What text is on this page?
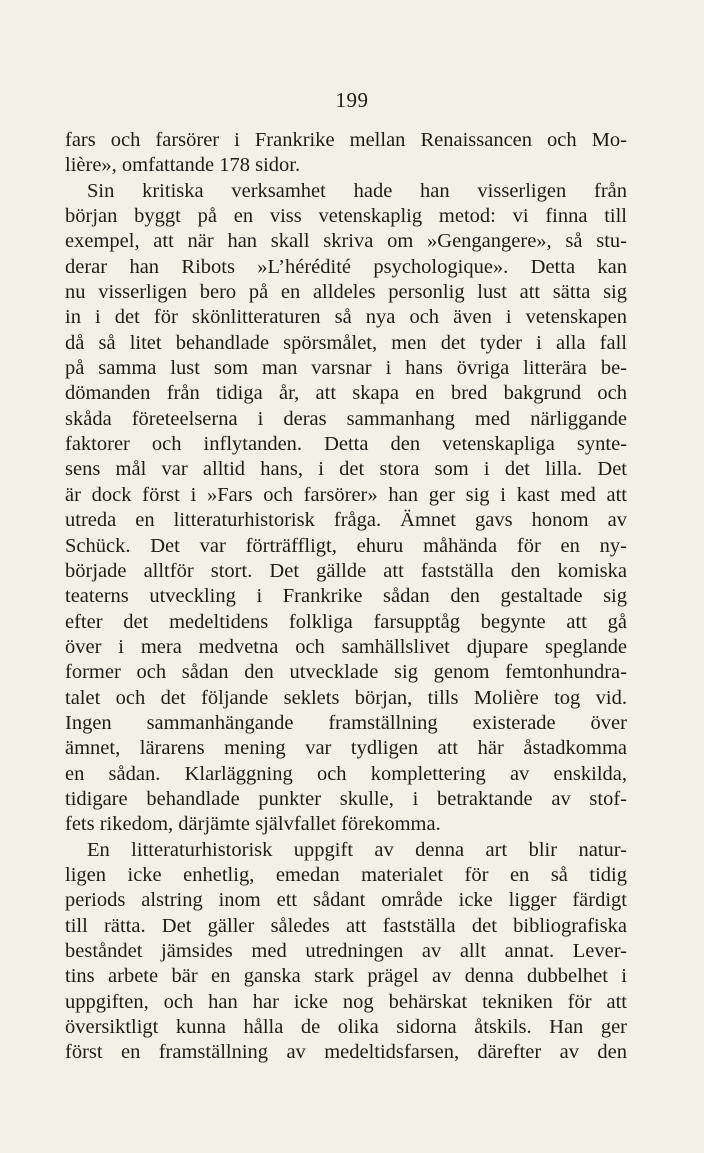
199
fars och farsörer i Frankrike mellan Renaissancen och Mo-
lière», omfattande 178 sidor.
Sin kritiska verksamhet hade han visserligen från
början byggt på en viss vetenskaplig metod: vi finna till
exempel, att när han skall skriva om »Gengangere», så stu-
derar han Ribots »L’hérédité psychologique». Detta kan
nu visserligen bero på en alldeles personlig lust att sätta sig
in i det för skönlitteraturen så nya och även i vetenskapen
då så litet behandlade spörsmålet, men det tyder i alla fall
på samma lust som man varsnar i hans övriga litterära be-
dömanden från tidiga år, att skapa en bred bakgrund och
skåda företeelserna i deras sammanhang med närliggande
faktorer och inflytanden. Detta den vetenskapliga synte-
sens mål var alltid hans, i det stora som i det lilla. Det
är dock först i »Fars och farsörer» han ger sig i kast med att
utreda en litteraturhistorisk fråga. Ämnet gavs honom av
Schück. Det var förträffligt, ehuru måhända för en ny-
började alltför stort. Det gällde att fastställa den komiska
teaterns utveckling i Frankrike sådan den gestaltade sig
efter det medeltidens folkliga farsupptåg begynte att gå
över i mera medvetna och samhällslivet djupare speglande
former och sådan den utvecklade sig genom femtonhundra-
talet och det följande seklets början, tills Molière tog vid.
Ingen sammanhängande framställning existerade över
ämnet, lärarens mening var tydligen att här åstadkomma
en sådan. Klarläggning och komplettering av enskilda,
tidigare behandlade punkter skulle, i betraktande av stof-
fets rikedom, därjämte självfallet förekomma.
En litteraturhistorisk uppgift av denna art blir natur-
ligen icke enhetlig, emedan materialet för en så tidig
periods alstring inom ett sådant område icke ligger färdigt
till rätta. Det gäller således att fastställa det bibliografiska
beståndet jämsides med utredningen av allt annat. Lever-
tins arbete bär en ganska stark prägel av denna dubbelhet i
uppgiften, och han har icke nog behärskat tekniken för att
översiktligt kunna hålla de olika sidorna åtskils. Han ger
först en framställning av medeltidsfarsen, därefter av den
